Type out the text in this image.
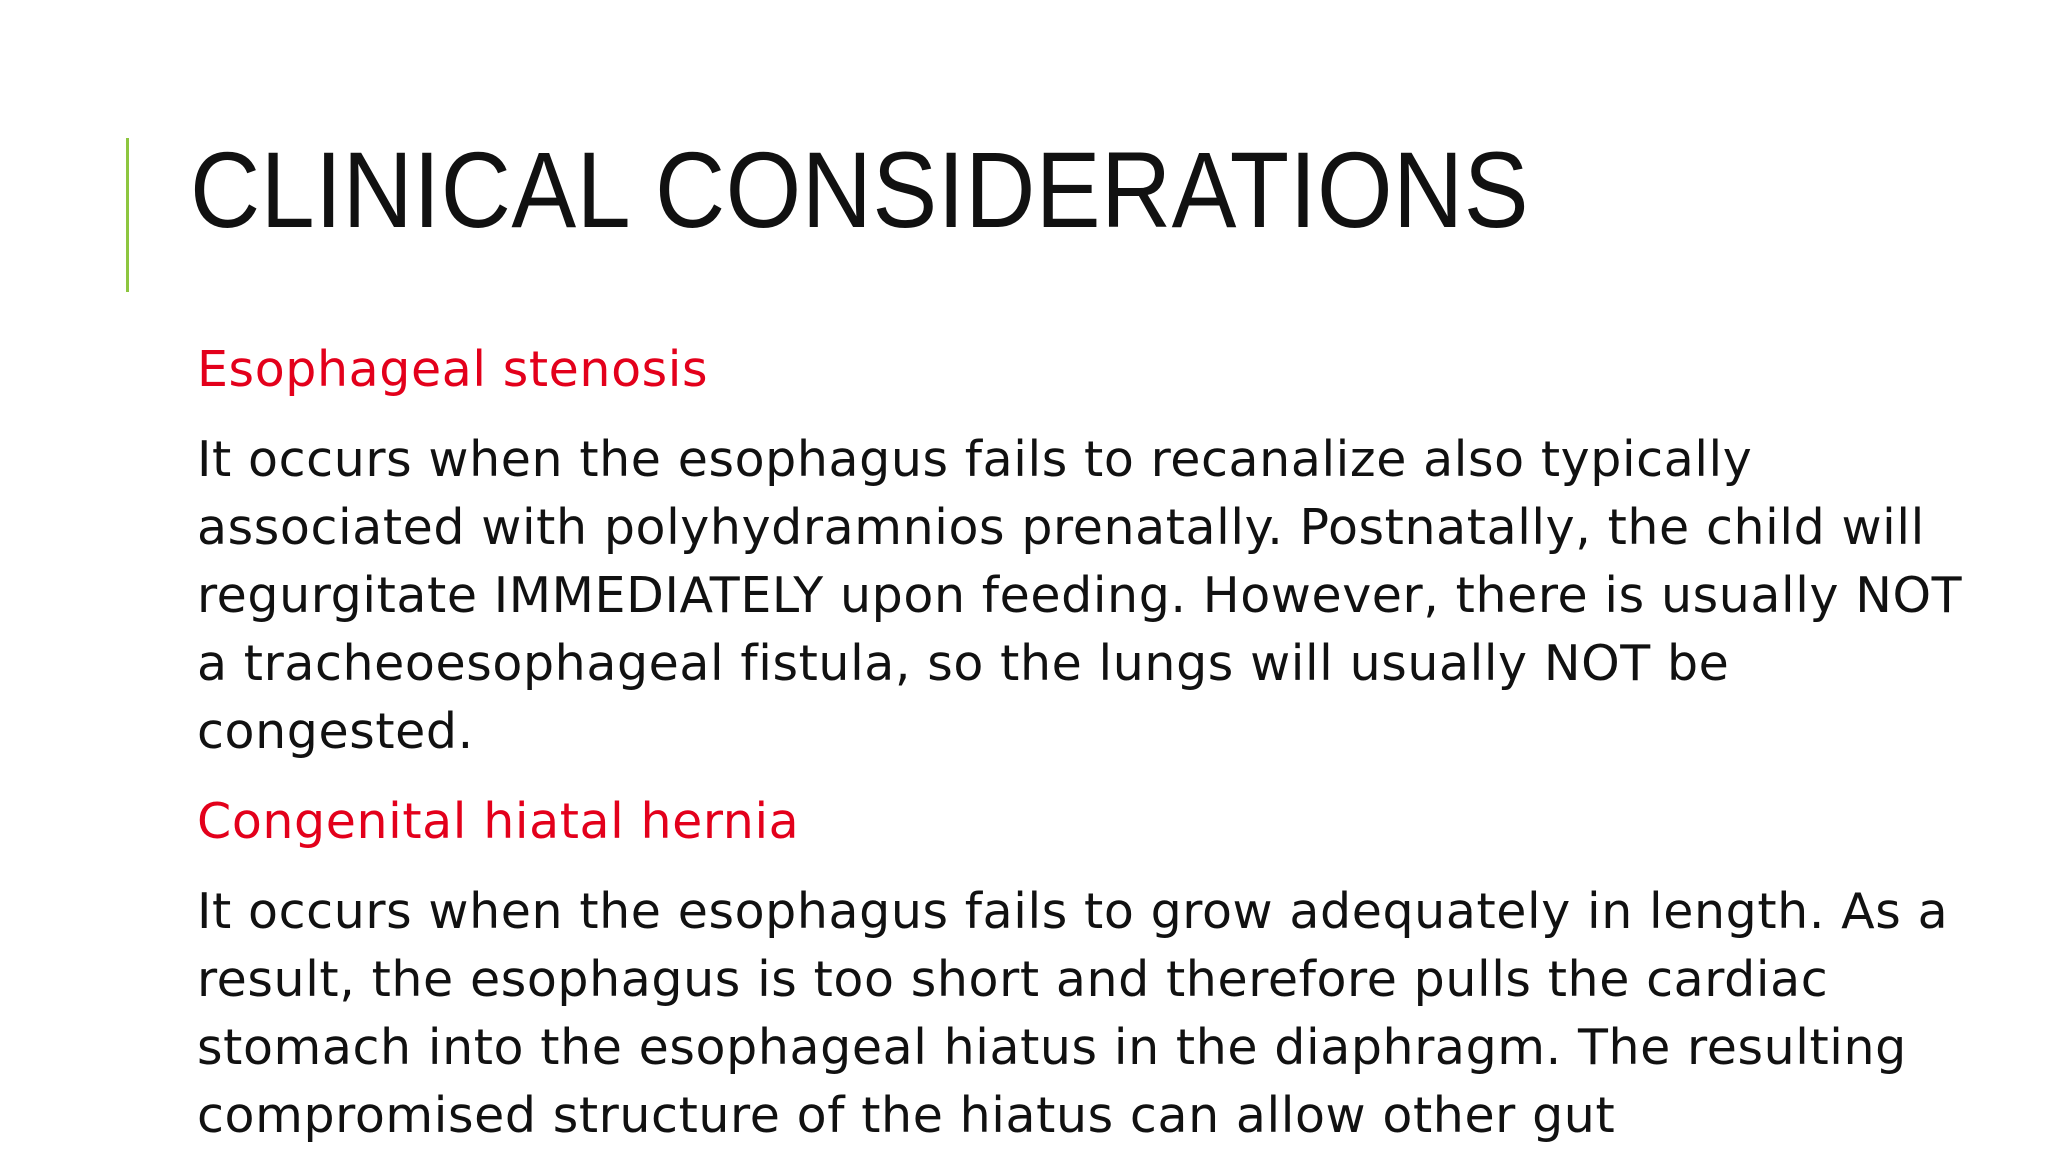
CLINICAL CONSIDERATIONS
Esophageal stenosis
It occurs when the esophagus fails to recanalize also typically
associated with polyhydramnios prenatally. Postnatally, the child will
regurgitate IMMEDIATELY upon feeding. However, there is usually NOT
a tracheoesophageal fistula, so the lungs will usually NOT be
congested.
Congenital hiatal hernia
It occurs when the esophagus fails to grow adequately in length. As a
result, the esophagus is too short and therefore pulls the cardiac
stomach into the esophageal hiatus in the diaphragm. The resulting
compromised structure of the hiatus can allow other gut
